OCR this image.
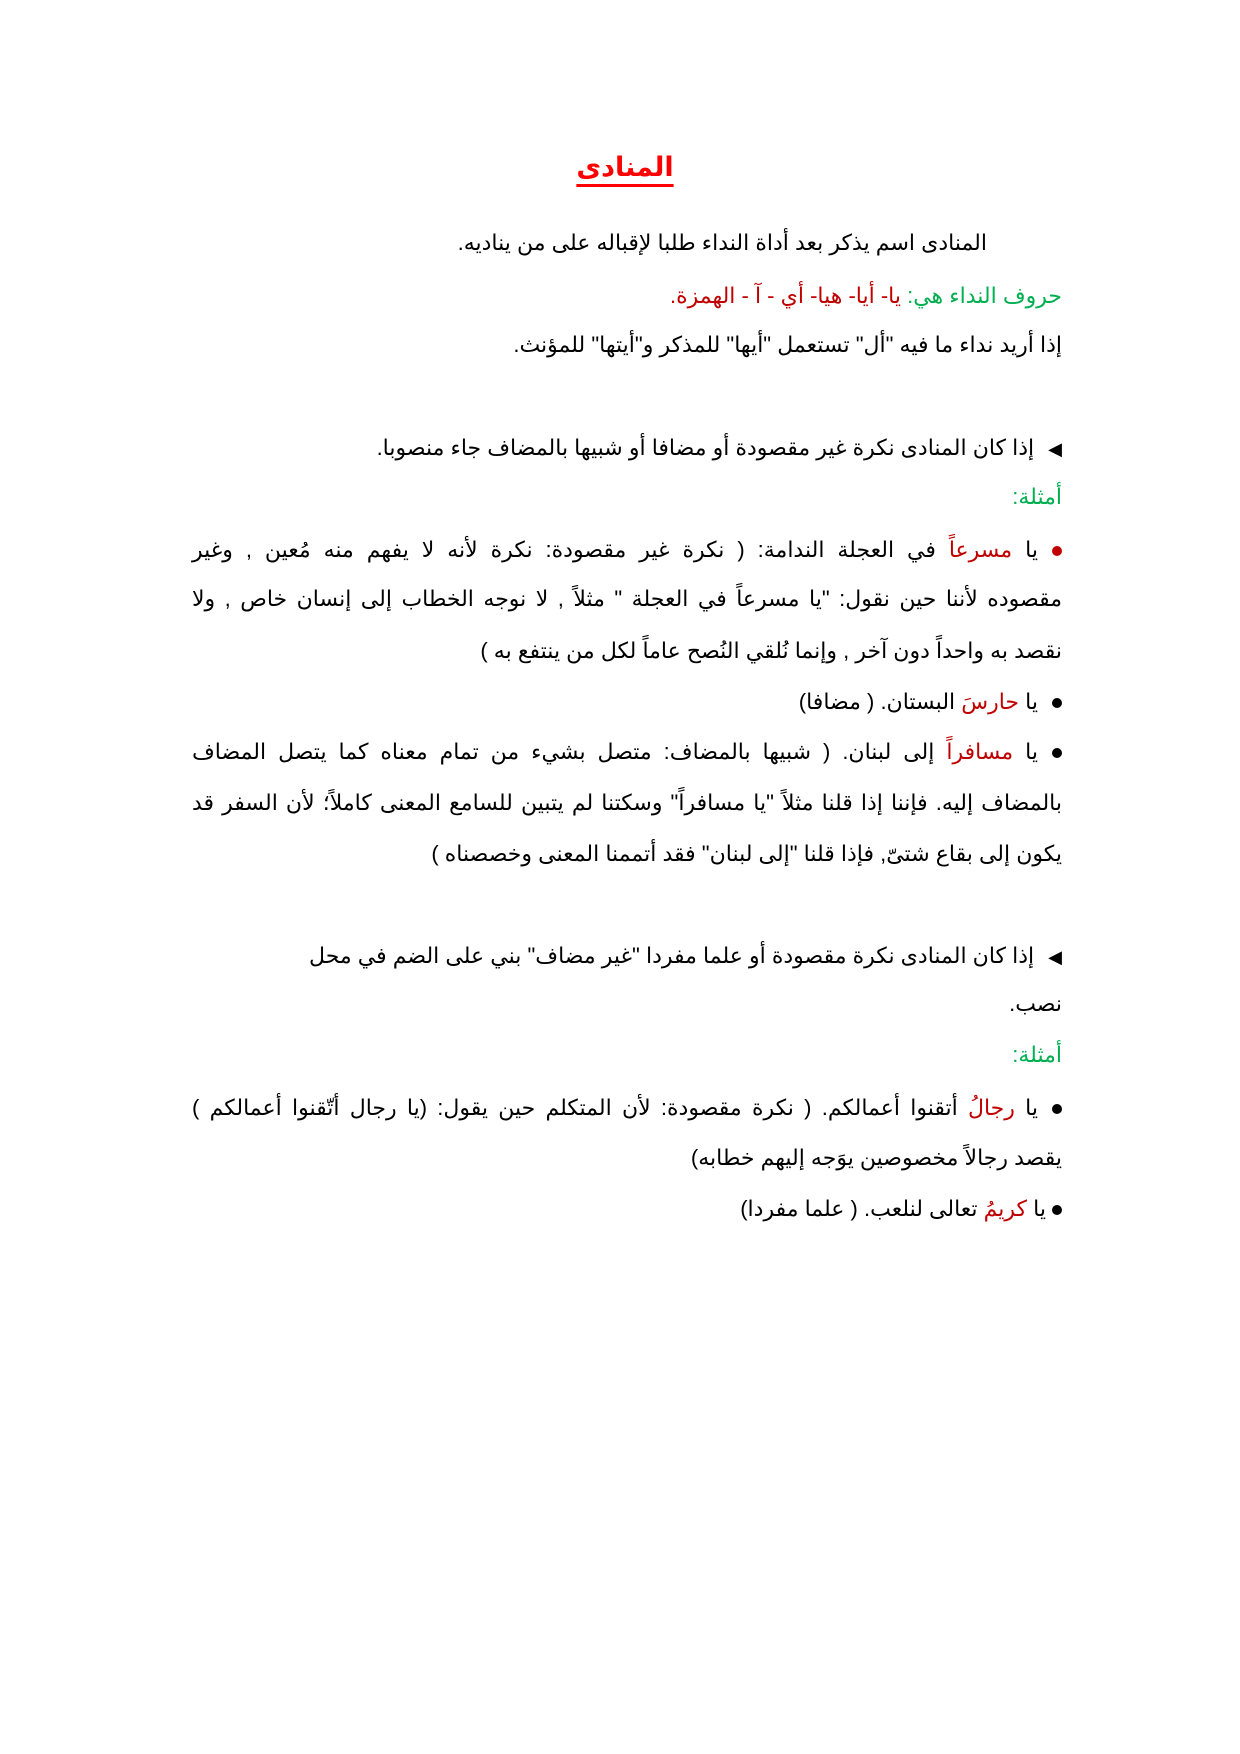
المنادى
المنادى اسم يذكر بعد أداة النداء طلبا لإقباله على من يناديه.
حروف النداء هي: يا- أيا- هيا- أي - آ - الهمزة.
إذا أريد نداء ما فيه "أل" تستعمل "أيها" للمذكر و"أيتها" للمؤنث.
◀إذا كان المنادى نكرة غير مقصودة أو مضافا أو شبيها بالمضاف جاء منصوبا.
أمثلة:
يا مسرعاً في العجلة الندامة: ( نكرة غير مقصودة: نكرة لأنه لا يفهم منه مُعين , وغير
مقصوده لأننا حين نقول: "يا مسرعاً في العجلة " مثلاً , لا نوجه الخطاب إلى إنسان خاص , ولا
نقصد به واحداً دون آخر , وإنما نُلقي النُصح عاماً لكل من ينتفع به )
يا حارسَ البستان. ( مضافا)
يا مسافراً إلى لبنان. ( شبيها بالمضاف: متصل بشيء من تمام معناه كما يتصل المضاف
بالمضاف إليه. فإننا إذا قلنا مثلاً "يا مسافراً" وسكتنا لم يتبين للسامع المعنى كاملاً؛ لأن السفر قد
يكون إلى بقاع شتىّ, فإذا قلنا "إلى لبنان" فقد أتممنا المعنى وخصصناه )
◀إذا كان المنادى نكرة مقصودة أو علما مفردا "غير مضاف" بني على الضم في محل
نصب.
أمثلة:
يا رجالُ أتقنوا أعمالكم. ( نكرة مقصودة: لأن المتكلم حين يقول: (يا رجال أتّقنوا أعمالكم )
يقصد رجالاً مخصوصين يوَجه إليهم خطابه)
يا كريمُ تعالى لنلعب. ( علما مفردا)
